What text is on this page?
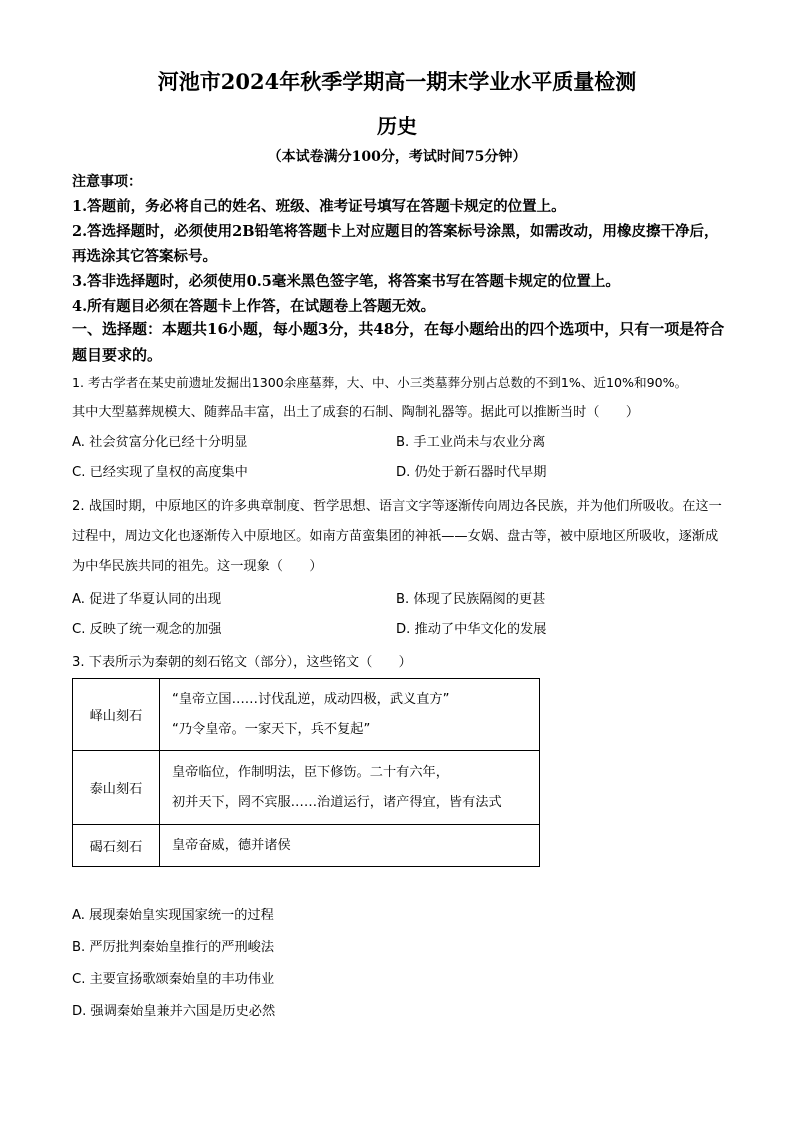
河池市2024年秋季学期高一期末学业水平质量检测
历史
（本试卷满分100分，考试时间75分钟）
注意事项：
1.答题前，务必将自己的姓名、班级、准考证号填写在答题卡规定的位置上。
2.答选择题时，必须使用2B铅笔将答题卡上对应题目的答案标号涂黑，如需改动，用橡皮擦干净后，再选涂其它答案标号。
3.答非选择题时，必须使用0.5毫米黑色签字笔，将答案书写在答题卡规定的位置上。
4.所有题目必须在答题卡上作答，在试题卷上答题无效。
一、选择题：本题共16小题，每小题3分，共48分，在每小题给出的四个选项中，只有一项是符合题目要求的。
1. 考古学者在某史前遗址发掘出1300余座墓葬，大、中、小三类墓葬分别占总数的不到1%、近10%和90%。
其中大型墓葬规模大、随葬品丰富，出土了成套的石制、陶制礼器等。据此可以推断当时（　　）
A. 社会贫富分化已经十分明显	B. 手工业尚未与农业分离
C. 已经实现了皇权的高度集中	D. 仍处于新石器时代早期
2. 战国时期，中原地区的许多典章制度、哲学思想、语言文字等逐渐传向周边各民族，并为他们所吸收。在这一过程中，周边文化也逐渐传入中原地区。如南方苗蛮集团的神祇——女娲、盘古等，被中原地区所吸收，逐渐成为中华民族共同的祖先。这一现象（　　）
A. 促进了华夏认同的出现	B. 体现了民族隔阂的更甚
C. 反映了统一观念的加强	D. 推动了中华文化的发展
3. 下表所示为秦朝的刻石铭文（部分），这些铭文（　　）
峄山刻石	“皇帝立国……讨伐乱逆，成动四极，武义直方”
“乃令皇帝。一家天下，兵不复起”

泰山刻石	皇帝临位，作制明法，臣下修饬。二十有六年，
初并天下，罔不宾服……治道运行，诸产得宜，皆有法式

碣石刻石	皇帝奋威，德并诸侯
A. 展现秦始皇实现国家统一的过程
B. 严厉批判秦始皇推行的严刑峻法
C. 主要宣扬歌颂秦始皇的丰功伟业
D. 强调秦始皇兼并六国是历史必然
